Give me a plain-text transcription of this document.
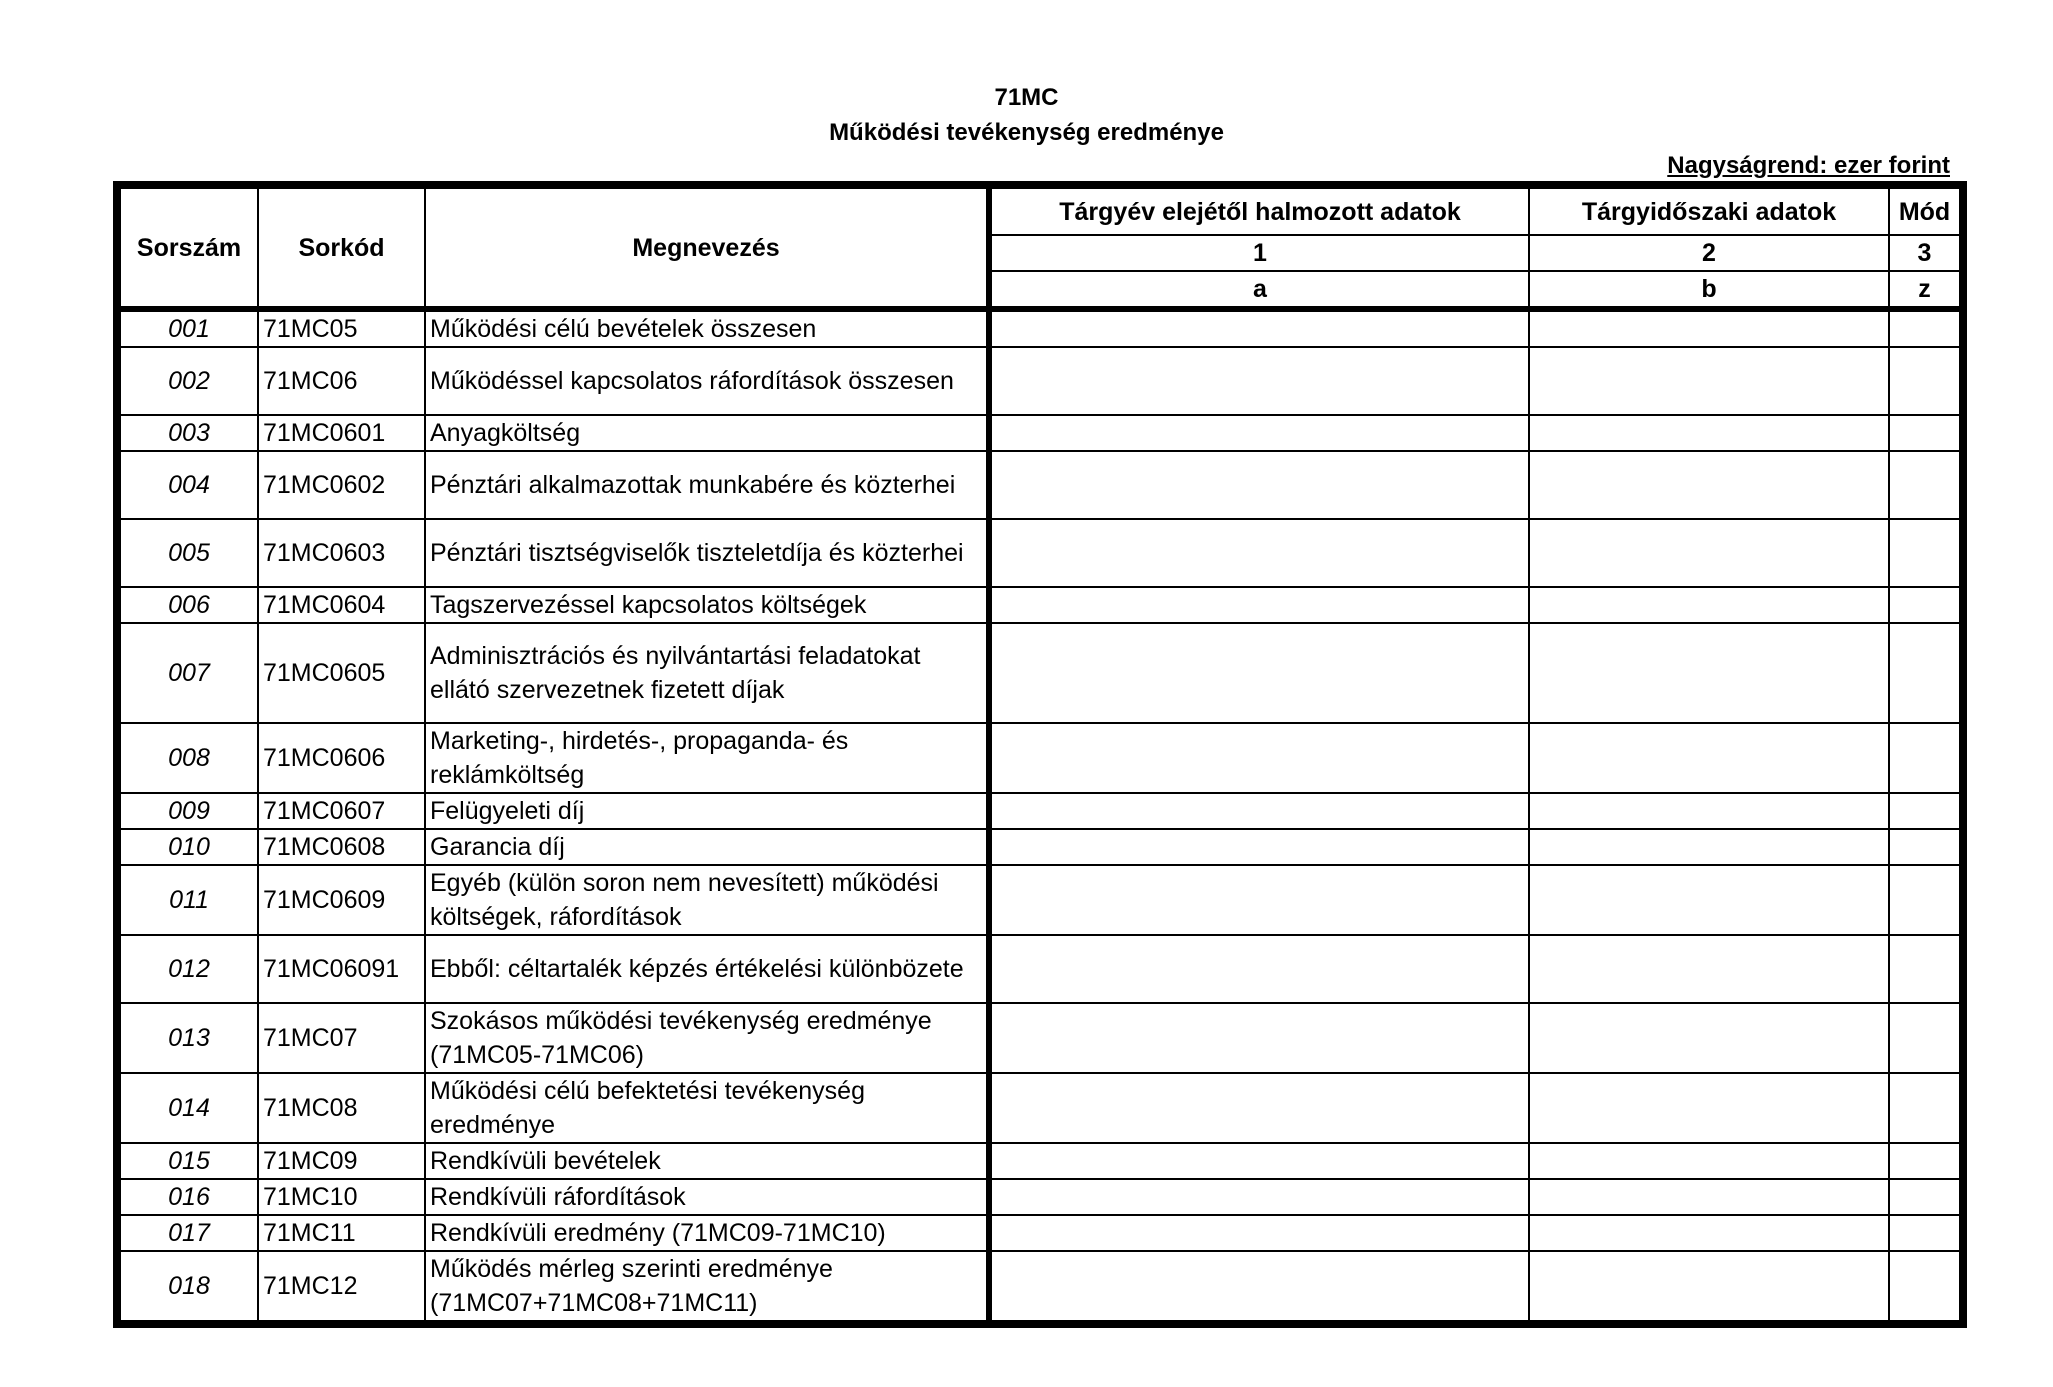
71MC
Működési tevékenység eredménye
Nagyságrend: ezer forint
Sorszám	Sorkód	Megnevezés	Tárgyév elejétől halmozott adatok	Tárgyidőszaki adatok	Mód
			1	2	3
			a	b	z
001	71MC05	Működési célú bevételek összesen			
002	71MC06	Működéssel kapcsolatos ráfordítások összesen			
003	71MC0601	Anyagköltség			
004	71MC0602	Pénztári alkalmazottak munkabére és közterhei			
005	71MC0603	Pénztári tisztségviselők tiszteletdíja és közterhei			
006	71MC0604	Tagszervezéssel kapcsolatos költségek			
007	71MC0605	Adminisztrációs és nyilvántartási feladatokat ellátó szervezetnek fizetett díjak			
008	71MC0606	Marketing-, hirdetés-, propaganda- és reklámköltség			
009	71MC0607	Felügyeleti díj			
010	71MC0608	Garancia díj			
011	71MC0609	Egyéb (külön soron nem nevesített) működési költségek, ráfordítások			
012	71MC06091	Ebből: céltartalék képzés értékelési különbözete			
013	71MC07	Szokásos működési tevékenység eredménye (71MC05-71MC06)			
014	71MC08	Működési célú befektetési tevékenység eredménye			
015	71MC09	Rendkívüli bevételek			
016	71MC10	Rendkívüli ráfordítások			
017	71MC11	Rendkívüli eredmény (71MC09-71MC10)			
018	71MC12	Működés mérleg szerinti eredménye (71MC07+71MC08+71MC11)			
